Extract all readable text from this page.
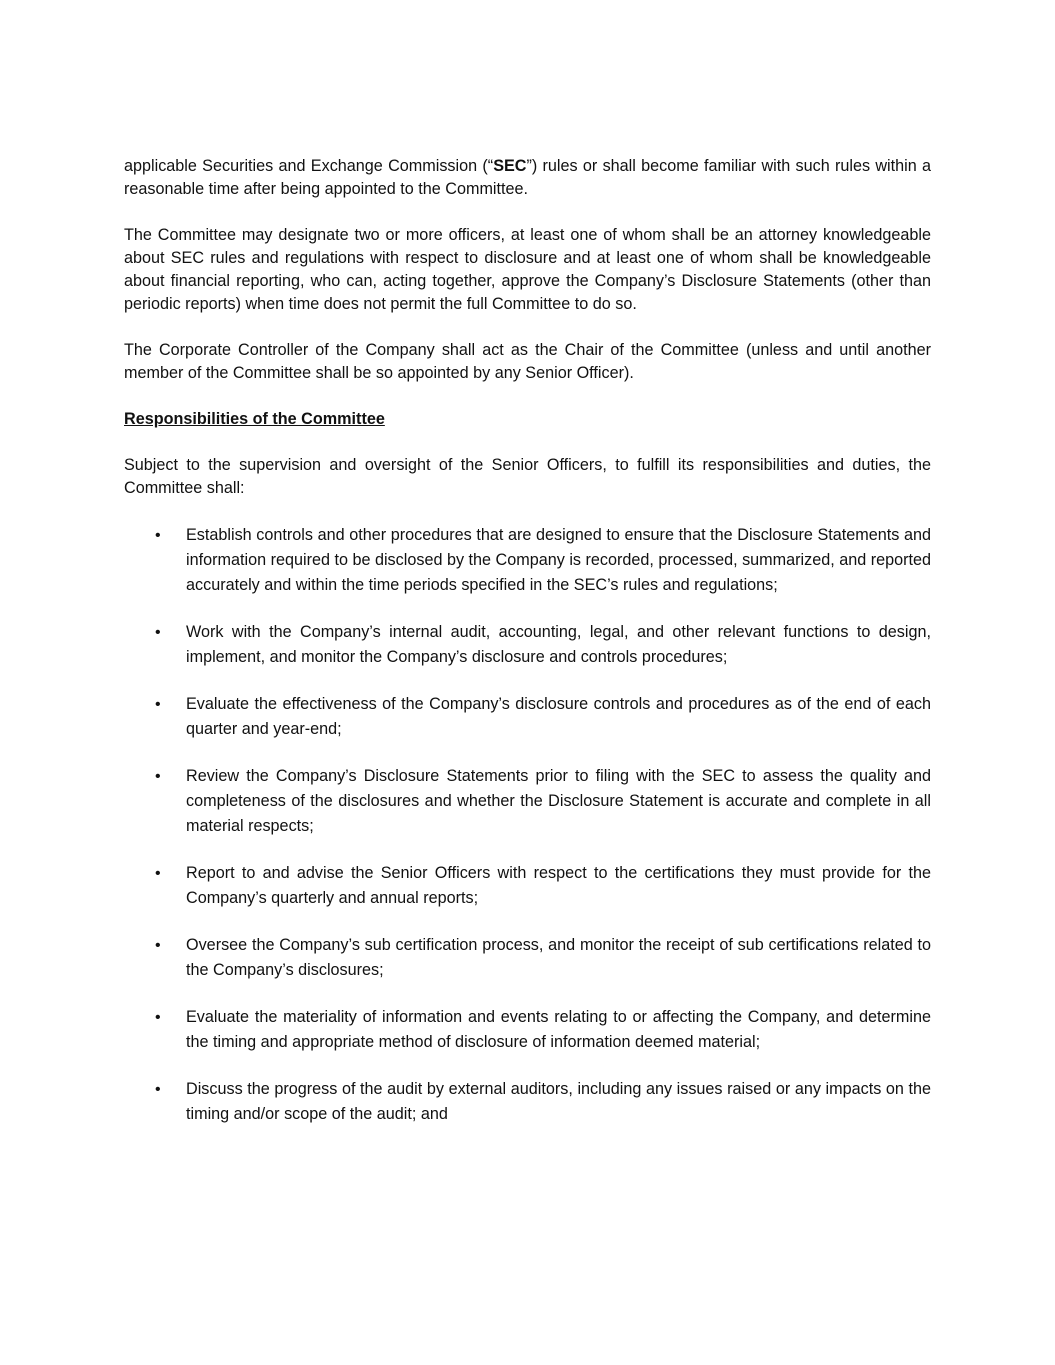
applicable Securities and Exchange Commission (“SEC”) rules or shall become familiar with such rules within a reasonable time after being appointed to the Committee.

The Committee may designate two or more officers, at least one of whom shall be an attorney knowledgeable about SEC rules and regulations with respect to disclosure and at least one of whom shall be knowledgeable about financial reporting, who can, acting together, approve the Company’s Disclosure Statements (other than periodic reports) when time does not permit the full Committee to do so.

The Corporate Controller of the Company shall act as the Chair of the Committee (unless and until another member of the Committee shall be so appointed by any Senior Officer).

Responsibilities of the Committee

Subject to the supervision and oversight of the Senior Officers, to fulfill its responsibilities and duties, the Committee shall:

• Establish controls and other procedures that are designed to ensure that the Disclosure Statements and information required to be disclosed by the Company is recorded, processed, summarized, and reported accurately and within the time periods specified in the SEC’s rules and regulations;
• Work with the Company’s internal audit, accounting, legal, and other relevant functions to design, implement, and monitor the Company’s disclosure and controls procedures;
• Evaluate the effectiveness of the Company’s disclosure controls and procedures as of the end of each quarter and year-end;
• Review the Company’s Disclosure Statements prior to filing with the SEC to assess the quality and completeness of the disclosures and whether the Disclosure Statement is accurate and complete in all material respects;
• Report to and advise the Senior Officers with respect to the certifications they must provide for the Company’s quarterly and annual reports;
• Oversee the Company’s sub certification process, and monitor the receipt of sub certifications related to the Company’s disclosures;
• Evaluate the materiality of information and events relating to or affecting the Company, and determine the timing and appropriate method of disclosure of information deemed material;
• Discuss the progress of the audit by external auditors, including any issues raised or any impacts on the timing and/or scope of the audit; and
